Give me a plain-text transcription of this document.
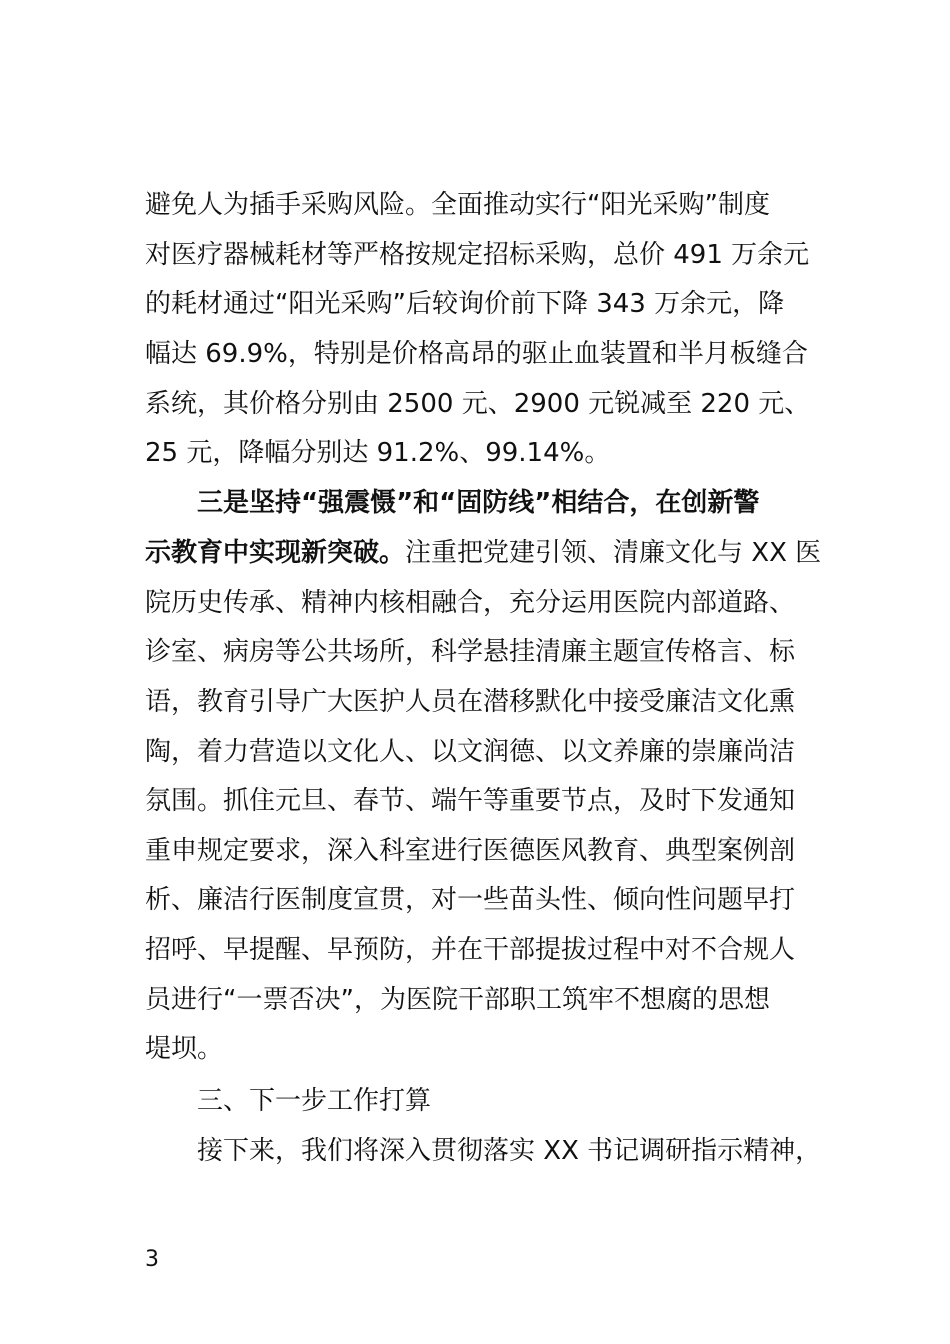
避免人为插手采购风险。全面推动实行“阳光采购”制度
对医疗器械耗材等严格按规定招标采购，总价 491 万余元
的耗材通过“阳光采购”后较询价前下降 343 万余元，降
幅达 69.9%，特别是价格高昂的驱止血装置和半月板缝合
系统，其价格分别由 2500 元、2900 元锐减至 220 元、
25 元，降幅分别达 91.2%、99.14%。
三是坚持“强震慑”和“固防线”相结合，在创新警
示教育中实现新突破。注重把党建引领、清廉文化与 XX 医
院历史传承、精神内核相融合，充分运用医院内部道路、
诊室、病房等公共场所，科学悬挂清廉主题宣传格言、标
语，教育引导广大医护人员在潜移默化中接受廉洁文化熏
陶，着力营造以文化人、以文润德、以文养廉的崇廉尚洁
氛围。抓住元旦、春节、端午等重要节点，及时下发通知
重申规定要求，深入科室进行医德医风教育、典型案例剖
析、廉洁行医制度宣贯，对一些苗头性、倾向性问题早打
招呼、早提醒、早预防，并在干部提拔过程中对不合规人
员进行“一票否决”，为医院干部职工筑牢不想腐的思想
堤坝。
三、下一步工作打算
接下来，我们将深入贯彻落实 XX 书记调研指示精神，
3
